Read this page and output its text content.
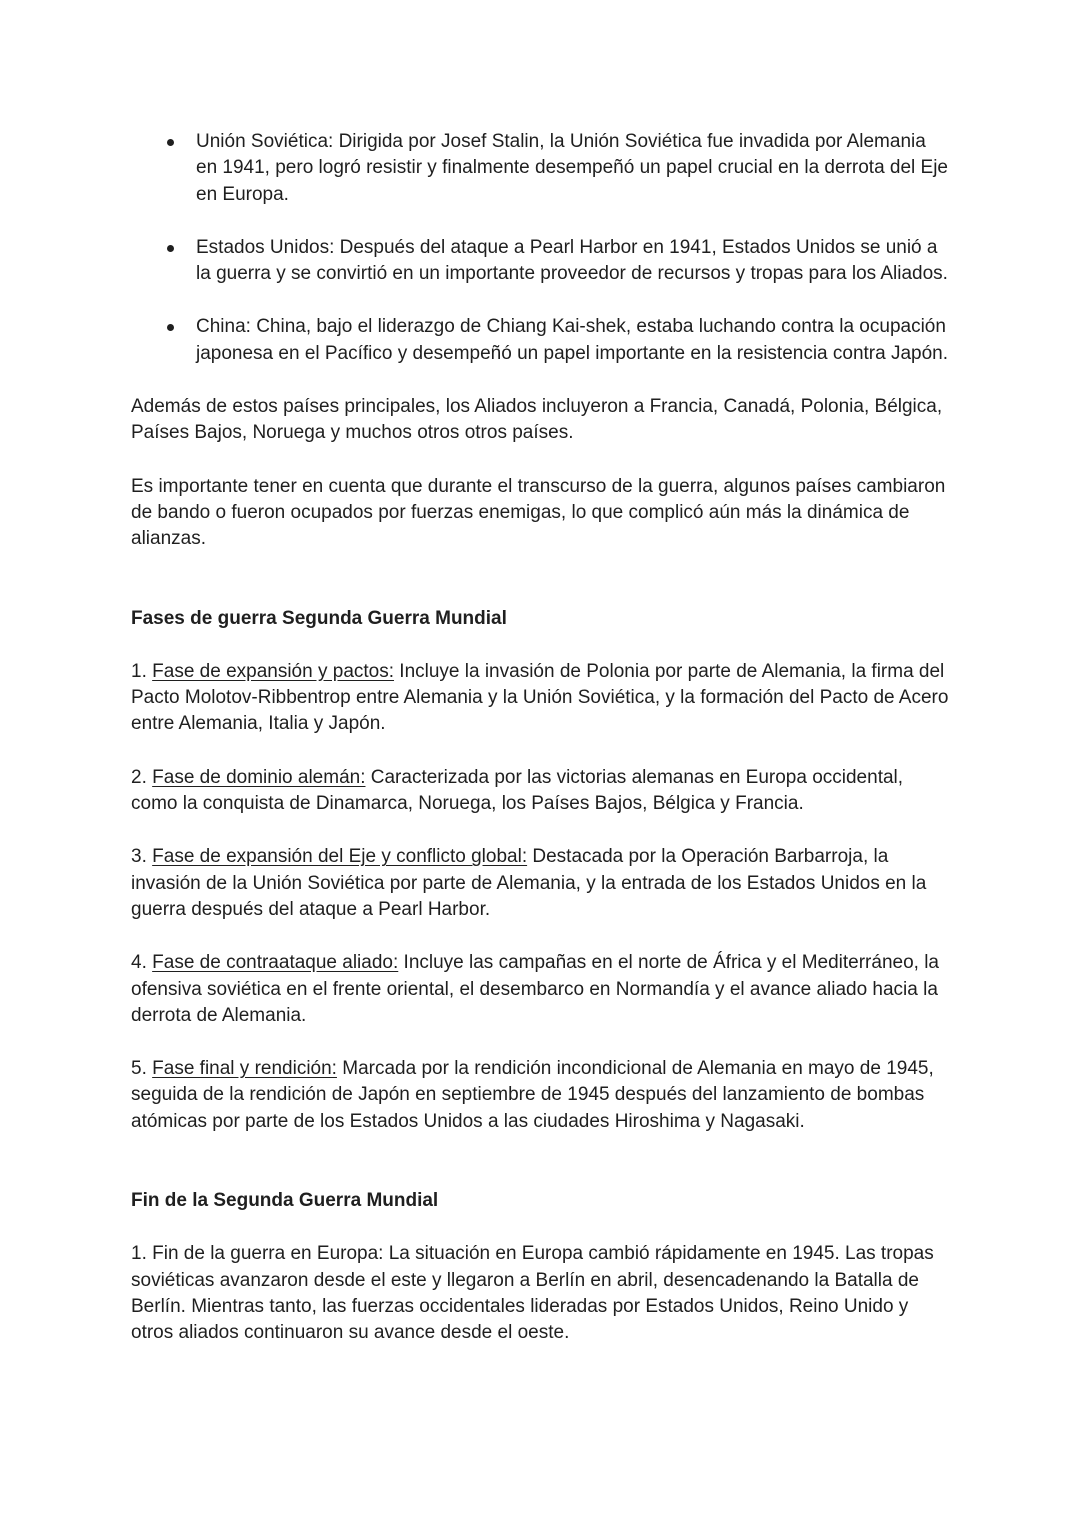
Unión Soviética: Dirigida por Josef Stalin, la Unión Soviética fue invadida por Alemania en 1941, pero logró resistir y finalmente desempeñó un papel crucial en la derrota del Eje en Europa.
Estados Unidos: Después del ataque a Pearl Harbor en 1941, Estados Unidos se unió a la guerra y se convirtió en un importante proveedor de recursos y tropas para los Aliados.
China: China, bajo el liderazgo de Chiang Kai-shek, estaba luchando contra la ocupación japonesa en el Pacífico y desempeñó un papel importante en la resistencia contra Japón.

Además de estos países principales, los Aliados incluyeron a Francia, Canadá, Polonia, Bélgica, Países Bajos, Noruega y muchos otros otros países.

Es importante tener en cuenta que durante el transcurso de la guerra, algunos países cambiaron de bando o fueron ocupados por fuerzas enemigas, lo que complicó aún más la dinámica de alianzas.

Fases de guerra Segunda Guerra Mundial

1. Fase de expansión y pactos: Incluye la invasión de Polonia por parte de Alemania, la firma del Pacto Molotov-Ribbentrop entre Alemania y la Unión Soviética, y la formación del Pacto de Acero entre Alemania, Italia y Japón.

2. Fase de dominio alemán: Caracterizada por las victorias alemanas en Europa occidental, como la conquista de Dinamarca, Noruega, los Países Bajos, Bélgica y Francia.

3. Fase de expansión del Eje y conflicto global: Destacada por la Operación Barbarroja, la invasión de la Unión Soviética por parte de Alemania, y la entrada de los Estados Unidos en la guerra después del ataque a Pearl Harbor.

4. Fase de contraataque aliado: Incluye las campañas en el norte de África y el Mediterráneo, la ofensiva soviética en el frente oriental, el desembarco en Normandía y el avance aliado hacia la derrota de Alemania.

5. Fase final y rendición: Marcada por la rendición incondicional de Alemania en mayo de 1945, seguida de la rendición de Japón en septiembre de 1945 después del lanzamiento de bombas atómicas por parte de los Estados Unidos a las ciudades Hiroshima y Nagasaki.

Fin de la Segunda Guerra Mundial

1. Fin de la guerra en Europa: La situación en Europa cambió rápidamente en 1945. Las tropas soviéticas avanzaron desde el este y llegaron a Berlín en abril, desencadenando la Batalla de Berlín. Mientras tanto, las fuerzas occidentales lideradas por Estados Unidos, Reino Unido y otros aliados continuaron su avance desde el oeste.
